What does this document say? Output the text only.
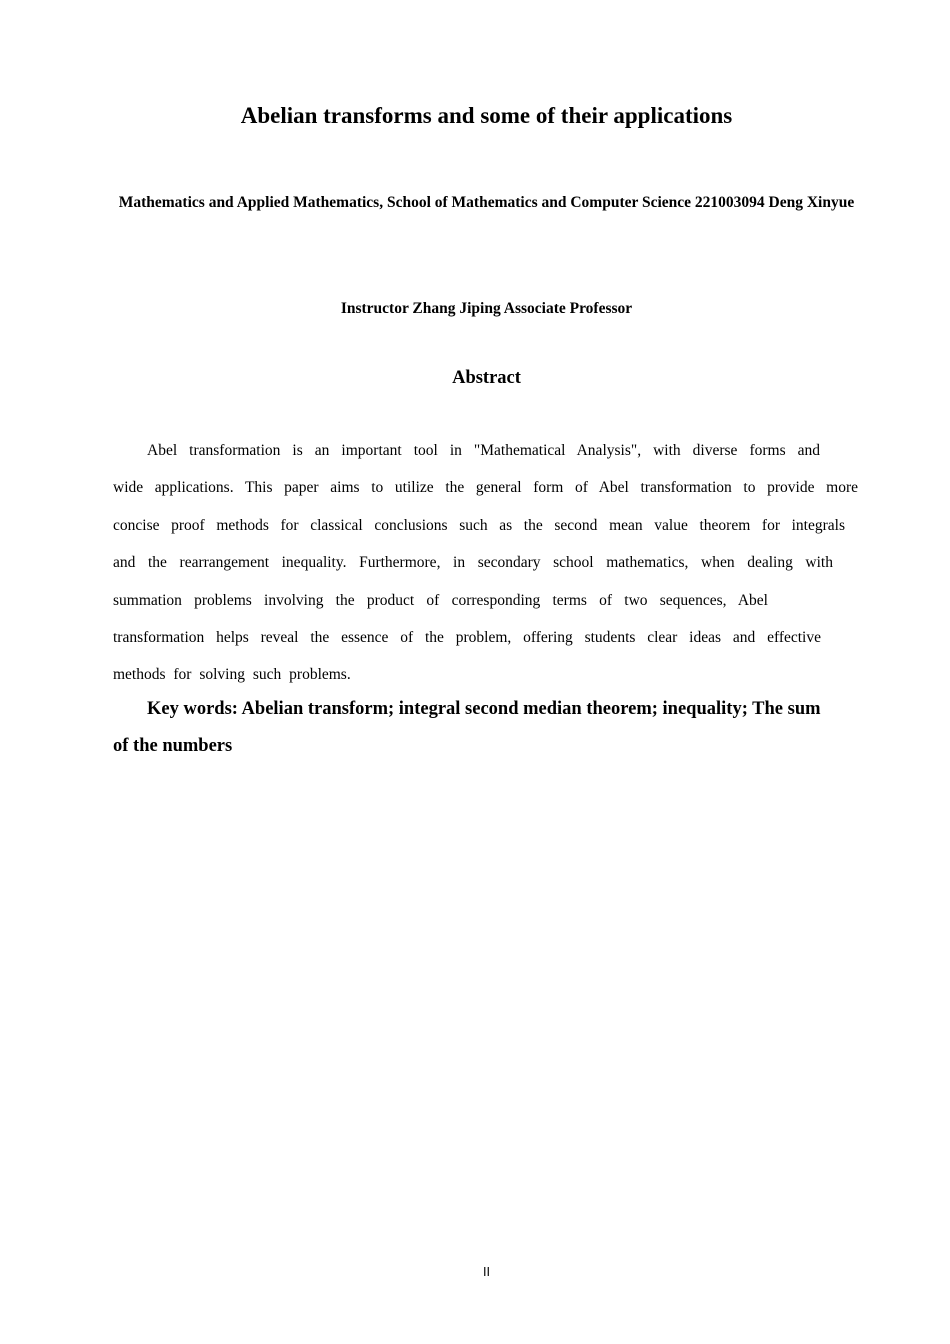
Abelian transforms and some of their applications

Mathematics and Applied Mathematics, School of Mathematics and Computer Science 221003094 Deng Xinyue

Instructor Zhang Jiping Associate Professor

Abstract
Abel transformation is an important tool in "Mathematical Analysis", with diverse forms and
wide applications. This paper aims to utilize the general form of Abel transformation to provide more
concise proof methods for classical conclusions such as the second mean value theorem for integrals
and the rearrangement inequality. Furthermore, in secondary school mathematics, when dealing with
summation problems involving the product of corresponding terms of two sequences, Abel
transformation helps reveal the essence of the problem, offering students clear ideas and effective
methods for solving such problems.
Key words: Abelian transform; integral second median theorem; inequality; The sum
of the numbers
II
